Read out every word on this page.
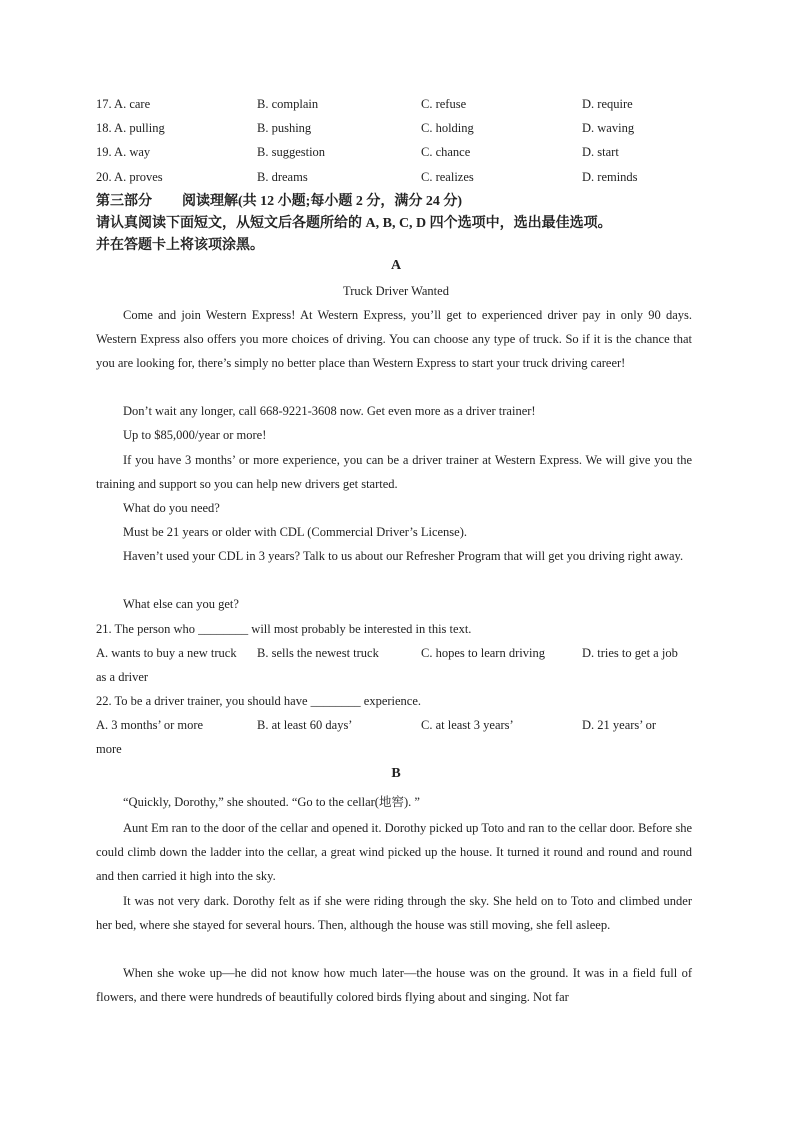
17. A. care	B. complain	C. refuse	D. require
18. A. pulling	B. pushing	C. holding	D. waving
19. A. way	B. suggestion	C. chance	D. start
20. A. proves	B. dreams	C. realizes	D. reminds
第三部分 阅读理解(共 12 小题;每小题 2 分，满分 24 分)
请认真阅读下面短文，从短文后各题所给的 A, B, C, D 四个选项中，选出最佳选项。
并在答题卡上将该项涂黑。
A
Truck Driver Wanted
Come and join Western Express! At Western Express, you’ll get to experienced driver pay in only 90 days. Western Express also offers you more choices of driving. You can choose any type of truck. So if it is the chance that you are looking for, there’s simply no better place than Western Express to start your truck driving career!
Don’t wait any longer, call 668-9221-3608 now. Get even more as a driver trainer!
Up to $85,000/year or more!
If you have 3 months’ or more experience, you can be a driver trainer at Western Express. We will give you the training and support so you can help new drivers get started.
What do you need?
Must be 21 years or older with CDL (Commercial Driver’s License).
Haven’t used your CDL in 3 years? Talk to us about our Refresher Program that will get you driving right away.
What else can you get?
21. The person who ________ will most probably be interested in this text.
A. wants to buy a new truck B. sells the newest truck	C. hopes to learn driving	D. tries to get a job
as a driver
22. To be a driver trainer, you should have ________ experience.
A. 3 months’ or more	B. at least 60 days’	C. at least 3 years’	D. 21 years’ or
more
B
“Quickly, Dorothy,” she shouted. “Go to the cellar(地窖). ”
Aunt Em ran to the door of the cellar and opened it. Dorothy picked up Toto and ran to the cellar door. Before she could climb down the ladder into the cellar, a great wind picked up the house. It turned it round and round and round and then carried it high into the sky.
It was not very dark. Dorothy felt as if she were riding through the sky. She held on to Toto and climbed under her bed, where she stayed for several hours. Then, although the house was still moving, she fell asleep.
When she woke up—he did not know how much later—the house was on the ground. It was in a field full of flowers, and there were hundreds of beautifully colored birds flying about and singing. Not far
